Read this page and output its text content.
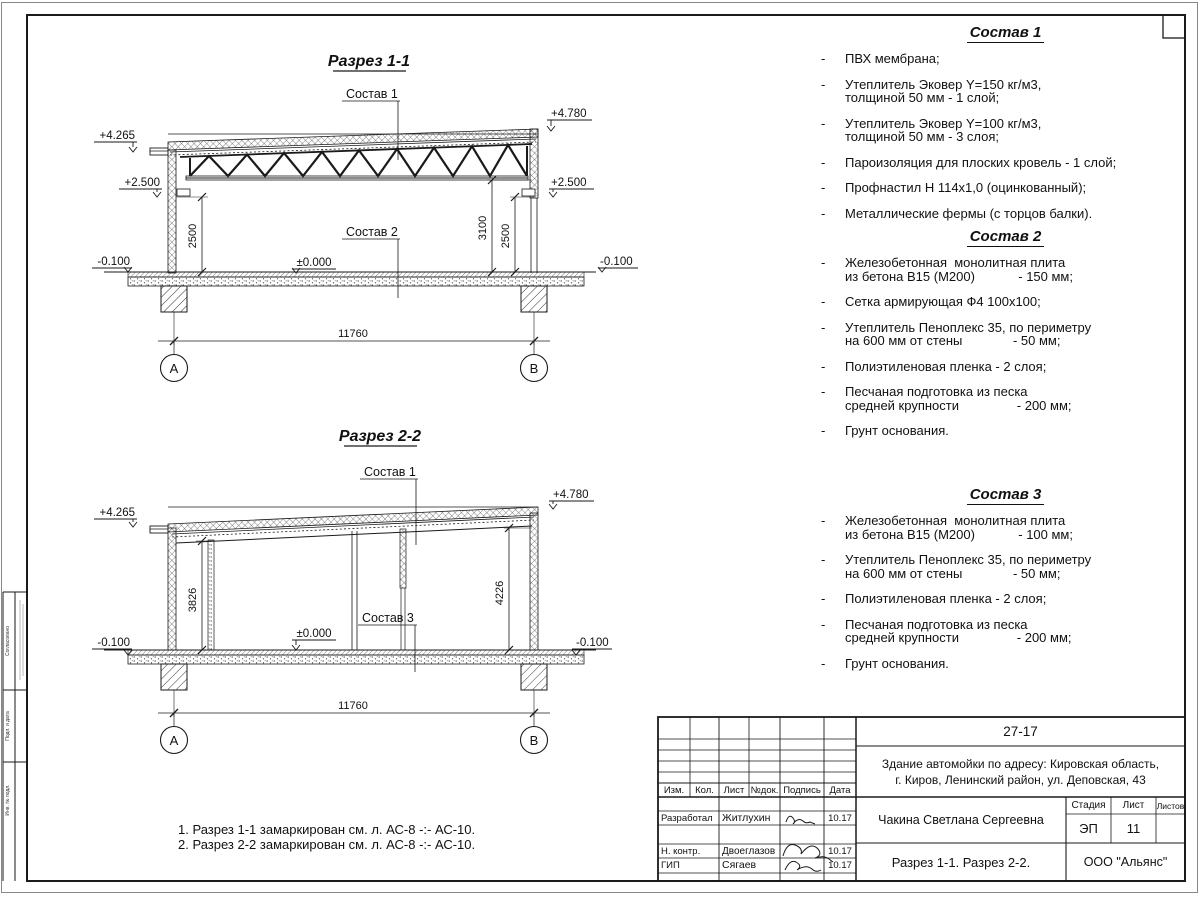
Согласовано
Подп. и дата
Инв. № подл.
Разрез 1-1
11760
А	В
2500	3100 2500
+4.265
+4.780
+2.500	+2.500
±0.000
-0.100	-0.100
Состав 1
Состав 2
Разрез 2-2
11760
А	В
3826	4226
+4.265
+4.780
±0.000
-0.100	-0.100
Состав 1
Состав 3
Состав 1
- ПВХ мембрана;
- Утеплитель Эковер Y=150 кг/м3,
толщиной 50 мм - 1 слой;
- Утеплитель Эковер Y=100 кг/м3,
толщиной 50 мм - 3 слоя;
- Пароизоляция для плоских кровель - 1 слой;
- Профнастил Н 114х1,0 (оцинкованный);
- Металлические фермы (с торцов балки).
Состав 2
- Железобетонная  монолитная плита
из бетона В15 (М200)            - 150 мм;
- Сетка армирующая Ф4 100х100;
- Утеплитель Пеноплекс 35, по периметру
на 600 мм от стены              - 50 мм;
- Полиэтиленовая пленка - 2 слоя;
- Песчаная подготовка из песка
средней крупности                - 200 мм;
- Грунт основания.
Состав 3
- Железобетонная  монолитная плита
из бетона В15 (М200)            - 100 мм;
- Утеплитель Пеноплекс 35, по периметру
на 600 мм от стены              - 50 мм;
- Полиэтиленовая пленка - 2 слоя;
- Песчаная подготовка из песка
средней крупности                - 200 мм;
- Грунт основания.
1. Разрез 1-1 замаркирован см. л. АС-8 -:- АС-10.
2. Разрез 2-2 замаркирован см. л. АС-8 -:- АС-10.
Изм.	Кол.	Лист №док. Подпись Дата
Разработал Житлухин	10.17
Н. контр.	Двоеглазов	10.17
ГИП	Сягаев	10.17
27-17
Здание автомойки по адресу: Кировская область,
г. Киров, Ленинский район, ул. Деповская, 43
Чакина Светлана Сергеевна
Стадия	Лист	Листов
ЭП	11
Разрез 1-1. Разрез 2-2.	ООО "Альянс"
